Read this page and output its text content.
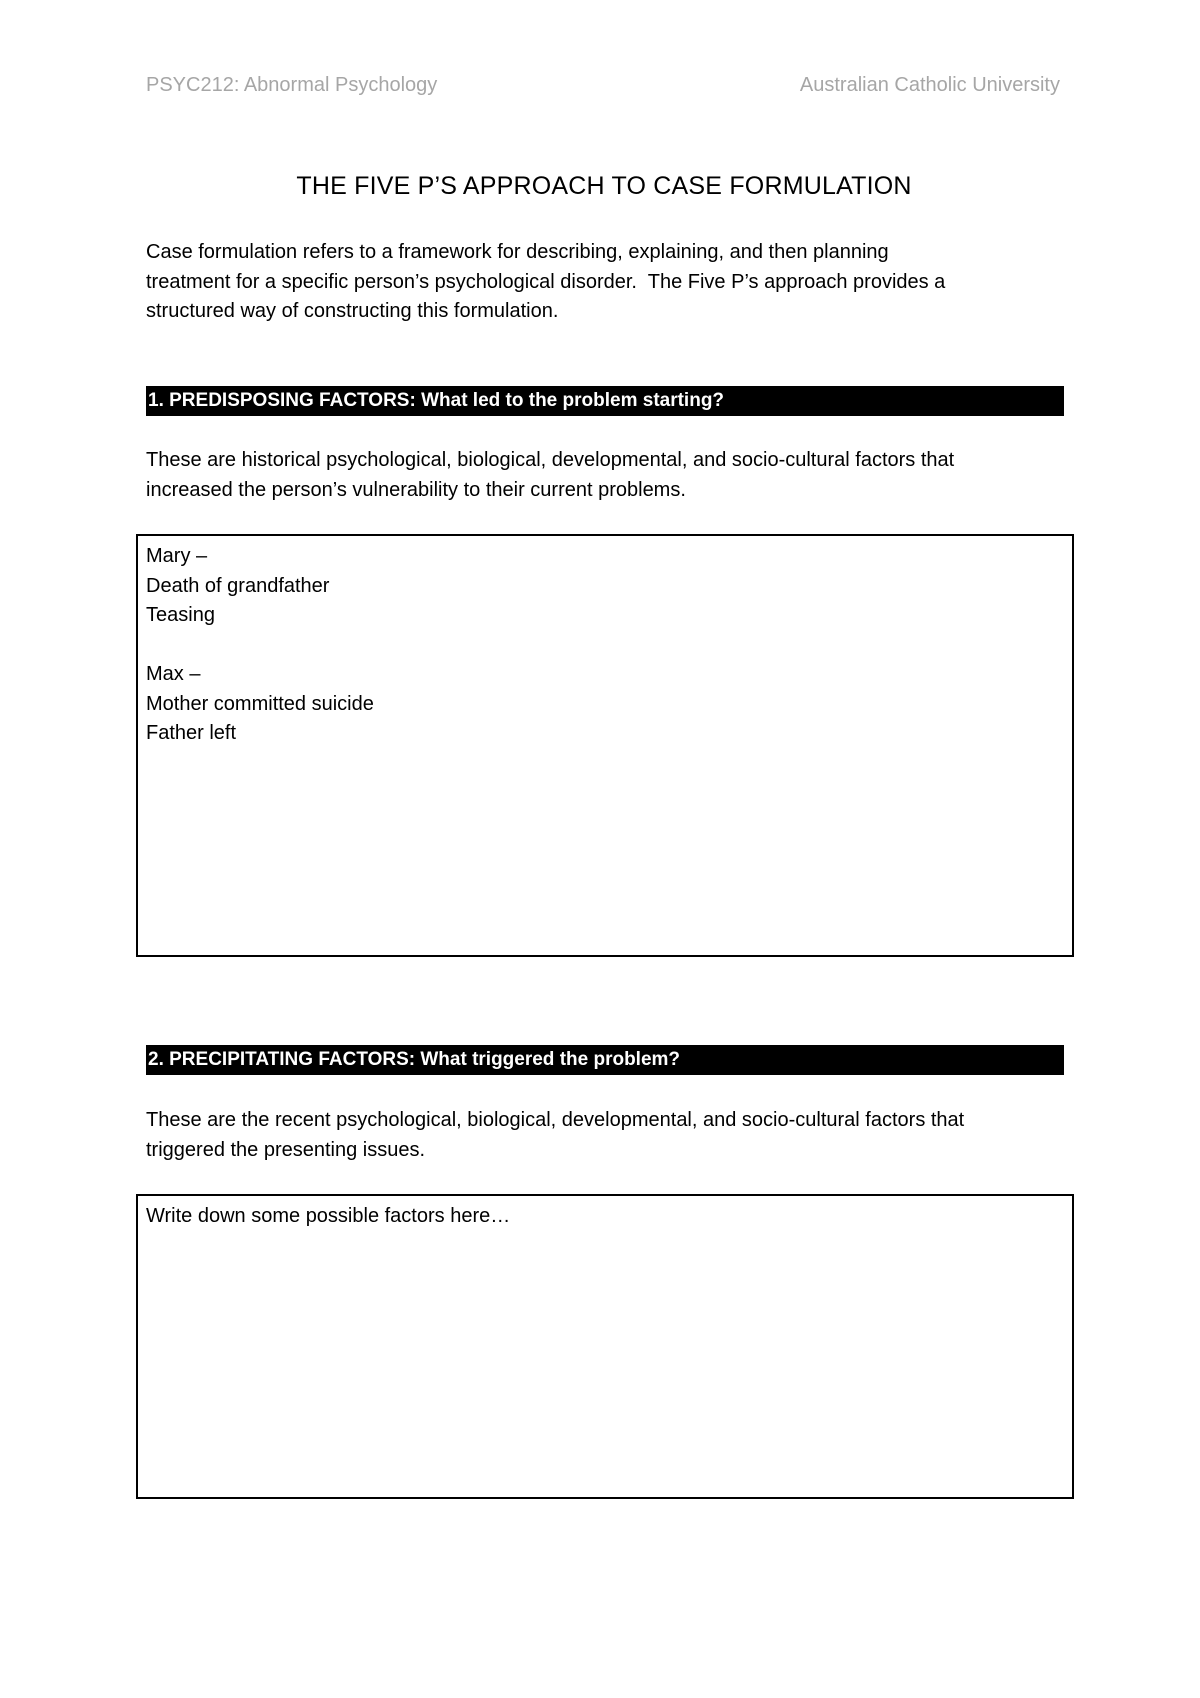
PSYC212: Abnormal Psychology	Australian Catholic University
THE FIVE P’S APPROACH TO CASE FORMULATION
Case formulation refers to a framework for describing, explaining, and then planning
treatment for a specific person’s psychological disorder.  The Five P’s approach provides a
structured way of constructing this formulation.
1. PREDISPOSING FACTORS: What led to the problem starting?
These are historical psychological, biological, developmental, and socio-cultural factors that
increased the person’s vulnerability to their current problems.
Mary –
Death of grandfather
Teasing
Max –
Mother committed suicide
Father left
2. PRECIPITATING FACTORS: What triggered the problem?
These are the recent psychological, biological, developmental, and socio-cultural factors that
triggered the presenting issues.
Write down some possible factors here…
